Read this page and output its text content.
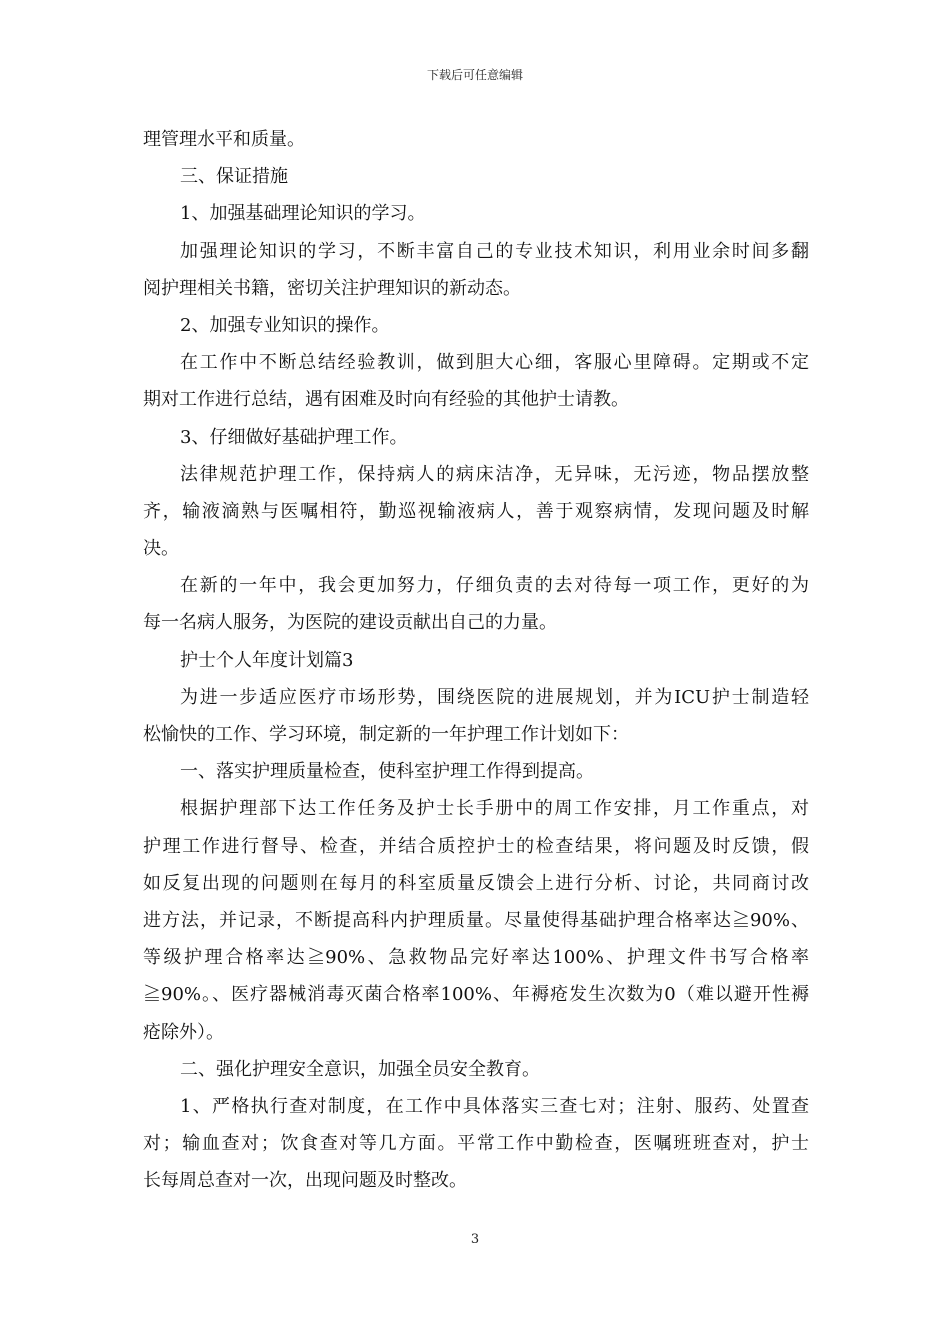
下载后可任意编辑
理管理水平和质量。
三、保证措施
1、加强基础理论知识的学习。
加强理论知识的学习，不断丰富自己的专业技术知识，利用业余时间多翻
阅护理相关书籍，密切关注护理知识的新动态。
2、加强专业知识的操作。
在工作中不断总结经验教训，做到胆大心细，客服心里障碍。定期或不定
期对工作进行总结，遇有困难及时向有经验的其他护士请教。
3、仔细做好基础护理工作。
法律规范护理工作，保持病人的病床洁净，无异味，无污迹，物品摆放整
齐，输液滴熟与医嘱相符，勤巡视输液病人，善于观察病情，发现问题及时解
决。
在新的一年中，我会更加努力，仔细负责的去对待每一项工作，更好的为
每一名病人服务，为医院的建设贡献出自己的力量。
护士个人年度计划篇3
为进一步适应医疗市场形势，围绕医院的进展规划，并为ICU护士制造轻
松愉快的工作、学习环境，制定新的一年护理工作计划如下：
一、落实护理质量检查，使科室护理工作得到提高。
根据护理部下达工作任务及护士长手册中的周工作安排，月工作重点，对
护理工作进行督导、检查，并结合质控护士的检查结果，将问题及时反馈，假
如反复出现的问题则在每月的科室质量反馈会上进行分析、讨论，共同商讨改
进方法，并记录，不断提高科内护理质量。尽量使得基础护理合格率达≧90%、
等级护理合格率达≧90%、急救物品完好率达100%、护理文件书写合格率
≧90%。、医疗器械消毒灭菌合格率100%、年褥疮发生次数为0（难以避开性褥
疮除外）。
二、强化护理安全意识，加强全员安全教育。
1、严格执行查对制度，在工作中具体落实三查七对；注射、服药、处置查
对；输血查对；饮食查对等几方面。平常工作中勤检查，医嘱班班查对，护士
长每周总查对一次，出现问题及时整改。
3
